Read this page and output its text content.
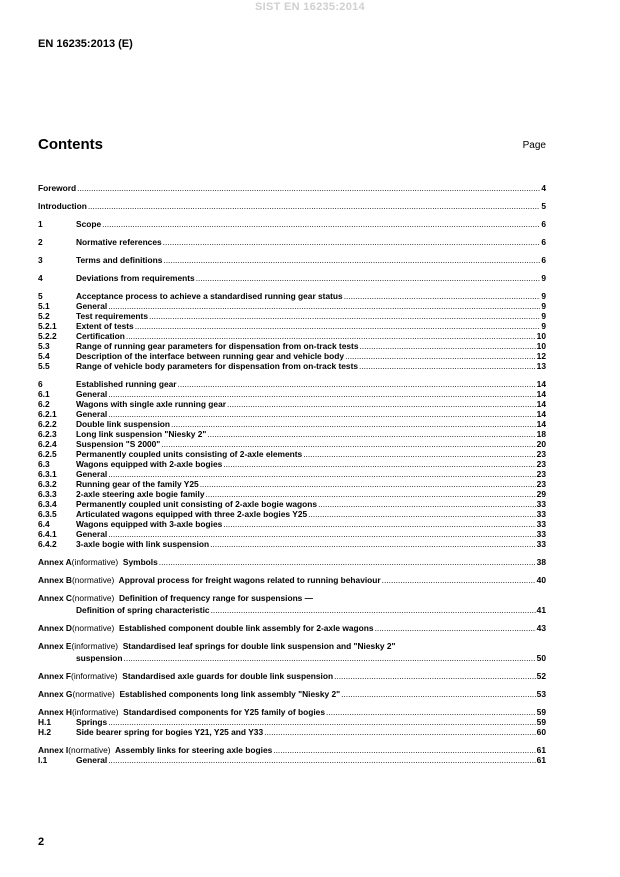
SIST EN 16235:2014
EN 16235:2013 (E)
Contents	Page
Foreword .....	4
Introduction .....	5
1	Scope .....	6
2	Normative references .....	6
3	Terms and definitions .....	6
4	Deviations from requirements .....	9
5	Acceptance process to achieve a standardised running gear status .....	9
5.1	General .....	9
5.2	Test requirements .....	9
5.2.1	Extent of tests .....	9
5.2.2	Certification .....	10
5.3	Range of running gear parameters for dispensation from on-track tests .....	10
5.4	Description of the interface between running gear and vehicle body .....	12
5.5	Range of vehicle body parameters for dispensation from on-track tests .....	13
6	Established running gear .....	14
6.1	General .....	14
6.2	Wagons with single axle running gear .....	14
6.2.1	General .....	14
6.2.2	Double link suspension .....	14
6.2.3	Long link suspension "Niesky 2" .....	18
6.2.4	Suspension "S 2000" .....	20
6.2.5	Permanently coupled units consisting of 2-axle elements .....	23
6.3	Wagons equipped with 2-axle bogies .....	23
6.3.1	General .....	23
6.3.2	Running gear of the family Y25 .....	23
6.3.3	2-axle steering axle bogie family .....	29
6.3.4	Permanently coupled unit consisting of 2-axle bogie wagons .....	33
6.3.5	Articulated wagons equipped with three 2-axle bogies Y25 .....	33
6.4	Wagons equipped with 3-axle bogies .....	33
6.4.1	General .....	33
6.4.2	3-axle bogie with link suspension .....	33
Annex A (informative) Symbols .....	38
Annex B (normative) Approval process for freight wagons related to running behaviour .....	40
Annex C (normative) Definition of frequency range for suspensions —
Definition of spring characteristic .....	41
Annex D (normative) Established component double link assembly for 2-axle wagons .....	43
Annex E (informative) Standardised leaf springs for double link suspension and "Niesky 2"
suspension .....	50
Annex F (informative) Standardised axle guards for double link suspension .....	52
Annex G (normative) Established components long link assembly "Niesky 2" .....	53
Annex H (informative) Standardised components for Y25 family of bogies .....	59
H.1	Springs .....	59
H.2	Side bearer spring for bogies Y21, Y25 and Y33 .....	60
Annex I (normative) Assembly links for steering axle bogies .....	61
I.1	General .....	61
2
